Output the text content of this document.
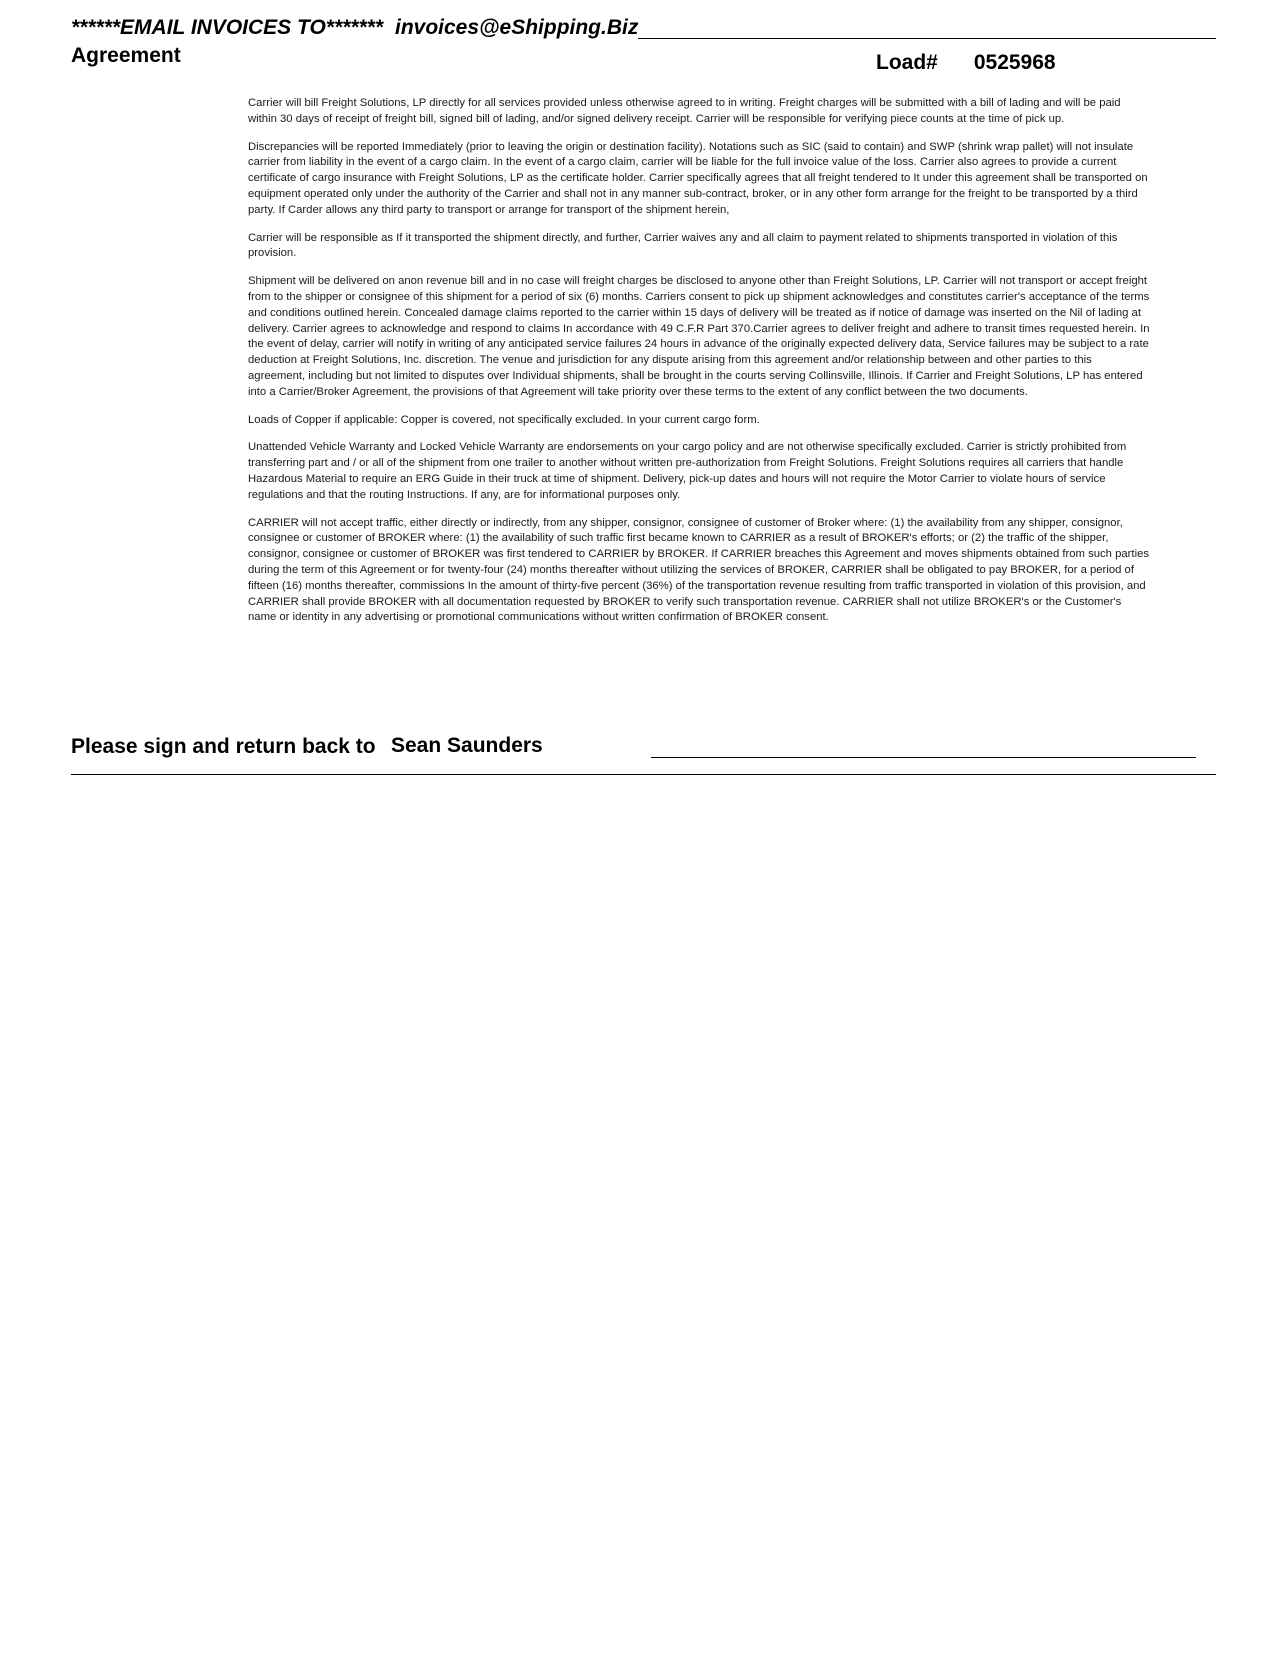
******EMAIL INVOICES TO******* invoices@eShipping.Biz
Agreement	Load# 0525968

Carrier will bill Freight Solutions, LP directly for all services provided unless otherwise agreed to in writing. Freight charges will be submitted with a bill of lading and will be paid within 30 days of receipt of freight bill, signed bill of lading, and/or signed delivery receipt. Carrier will be responsible for verifying piece counts at the time of pick up.

Discrepancies will be reported Immediately (prior to leaving the origin or destination facility). Notations such as SIC (said to contain) and SWP (shrink wrap pallet) will not insulate carrier from liability in the event of a cargo claim. In the event of a cargo claim, carrier will be liable for the full invoice value of the loss. Carrier also agrees to provide a current certificate of cargo insurance with Freight Solutions, LP as the certificate holder. Carrier specifically agrees that all freight tendered to It under this agreement shall be transported on equipment operated only under the authority of the Carrier and shall not in any manner sub-contract, broker, or in any other form arrange for the freight to be transported by a third party. If Carder allows any third party to transport or arrange for transport of the shipment herein,

Carrier will be responsible as If it transported the shipment directly, and further, Carrier waives any and all claim to payment related to shipments transported in violation of this provision.

Shipment will be delivered on anon revenue bill and in no case will freight charges be disclosed to anyone other than Freight Solutions, LP. Carrier will not transport or accept freight from to the shipper or consignee of this shipment for a period of six (6) months. Carriers consent to pick up shipment acknowledges and constitutes carrier's acceptance of the terms and conditions outlined herein. Concealed damage claims reported to the carrier within 15 days of delivery will be treated as if notice of damage was inserted on the Nil of lading at delivery. Carrier agrees to acknowledge and respond to claims In accordance with 49 C.F.R Part 370.Carrier agrees to deliver freight and adhere to transit times requested herein. In the event of delay, carrier will notify in writing of any anticipated service failures 24 hours in advance of the originally expected delivery data, Service failures may be subject to a rate deduction at Freight Solutions, Inc. discretion. The venue and jurisdiction for any dispute arising from this agreement and/or relationship between and other parties to this agreement, including but not limited to disputes over Individual shipments, shall be brought in the courts serving Collinsville, Illinois. If Carrier and Freight Solutions, LP has entered into a Carrier/Broker Agreement, the provisions of that Agreement will take priority over these terms to the extent of any conflict between the two documents.

Loads of Copper if applicable: Copper is covered, not specifically excluded. In your current cargo form.

Unattended Vehicle Warranty and Locked Vehicle Warranty are endorsements on your cargo policy and are not otherwise specifically excluded. Carrier is strictly prohibited from transferring part and / or all of the shipment from one trailer to another without written pre-authorization from Freight Solutions. Freight Solutions requires all carriers that handle Hazardous Material to require an ERG Guide in their truck at time of shipment. Delivery, pick-up dates and hours will not require the Motor Carrier to violate hours of service regulations and that the routing Instructions. If any, are for informational purposes only.

CARRIER will not accept traffic, either directly or indirectly, from any shipper, consignor, consignee of customer of Broker where: (1) the availability from any shipper, consignor, consignee or customer of BROKER where: (1) the availability of such traffic first became known to CARRIER as a result of BROKER's efforts; or (2) the traffic of the shipper, consignor, consignee or customer of BROKER was first tendered to CARRIER by BROKER. If CARRIER breaches this Agreement and moves shipments obtained from such parties during the term of this Agreement or for twenty-four (24) months thereafter without utilizing the services of BROKER, CARRIER shall be obligated to pay BROKER, for a period of fifteen (16) months thereafter, commissions In the amount of thirty-five percent (36%) of the transportation revenue resulting from traffic transported in violation of this provision, and CARRIER shall provide BROKER with all documentation requested by BROKER to verify such transportation revenue. CARRIER shall not utilize BROKER's or the Customer's name or identity in any advertising or promotional communications without written confirmation of BROKER consent.

Please sign and return back to Sean Saunders
